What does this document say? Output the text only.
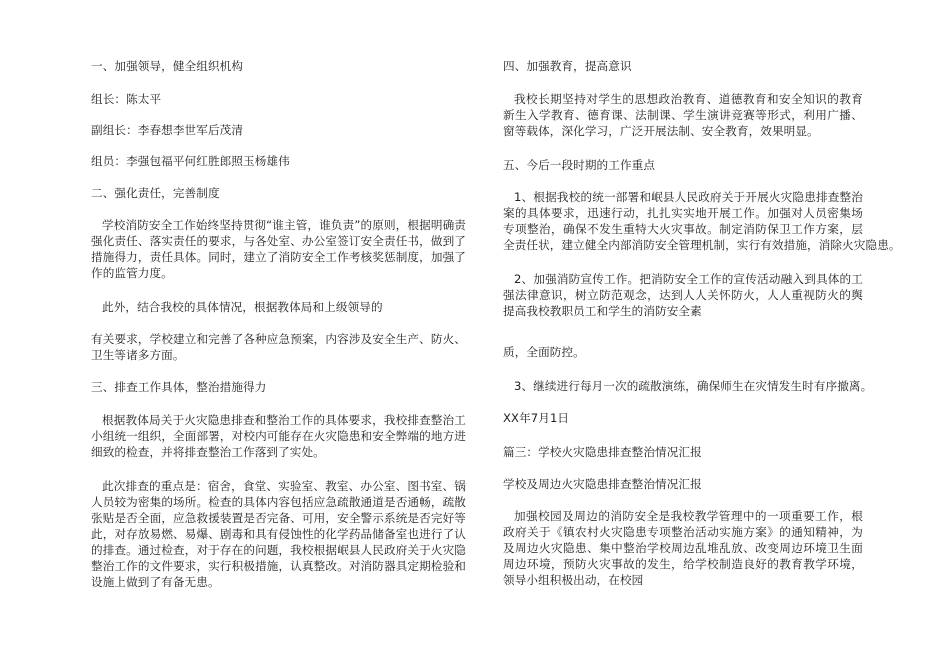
一、加强领导，健全组织机构
组长：陈太平
副组长：李春想李世军后茂清
组员：李强包福平何红胜郎照玉杨雄伟
二、强化责任，完善制度
学校消防安全工作始终坚持贯彻“谁主管，谁负责”的原则，根据明确责
强化责任、落实责任的要求，与各处室、办公室签订安全责任书，做到了
措施得力，责任具体。同时，建立了消防安全工作考核奖惩制度，加强了
作的监管力度。
此外，结合我校的具体情况，根据教体局和上级领导的
有关要求，学校建立和完善了各种应急预案，内容涉及安全生产、防火、
卫生等诸多方面。
三、排查工作具体，整治措施得力
根据教体局关于火灾隐患排查和整治工作的具体要求，我校排查整治工
小组统一组织，全面部署，对校内可能存在火灾隐患和安全弊端的地方进
细致的检查，并将排查整治工作落到了实处。
此次排查的重点是：宿舍，食堂、实验室、教室、办公室、图书室、锅
人员较为密集的场所。检查的具体内容包括应急疏散通道是否通畅，疏散
张贴是否全面，应急救援装置是否完备、可用，安全警示系统是否完好等
此，对存放易燃、易爆、剧毒和具有侵蚀性的化学药品储备室也进行了认
的排查。通过检查，对于存在的问题，我校根据岷县人民政府关于火灾隐
整治工作的文件要求，实行积极措施，认真整改。对消防器具定期检验和
设施上做到了有备无患。
四、加强教育，提高意识
我校长期坚持对学生的思想政治教育、道德教育和安全知识的教育
新生入学教育、德育课、法制课、学生演讲竞赛等形式，利用广播、
窗等载体，深化学习，广泛开展法制、安全教育，效果明显。
五、今后一段时期的工作重点
1、根据我校的统一部署和岷县人民政府关于开展火灾隐患排查整治
案的具体要求，迅速行动，扎扎实实地开展工作。加强对人员密集场
专项整治，确保不发生重特大火灾事故。制定消防保卫工作方案，层
全责任状，建立健全内部消防安全管理机制，实行有效措施，消除火灾隐患。
2、加强消防宣传工作。把消防安全工作的宣传活动融入到具体的工
强法律意识，树立防范观念，达到人人关怀防火，人人重视防火的舆
提高我校教职员工和学生的消防安全素
质，全面防控。
3、继续进行每月一次的疏散演练，确保师生在灾情发生时有序撤离。
XX年7月1日
篇三：学校火灾隐患排查整治情况汇报
学校及周边火灾隐患排查整治情况汇报
加强校园及周边的消防安全是我校教学管理中的一项重要工作，根
政府关于《镇农村火灾隐患专项整治活动实施方案》的通知精神，为
及周边火灾隐患、集中整治学校周边乱堆乱放、改变周边环境卫生面
周边环境，预防火灾事故的发生，给学校制造良好的教育教学环境，
领导小组积极出动，在校园
